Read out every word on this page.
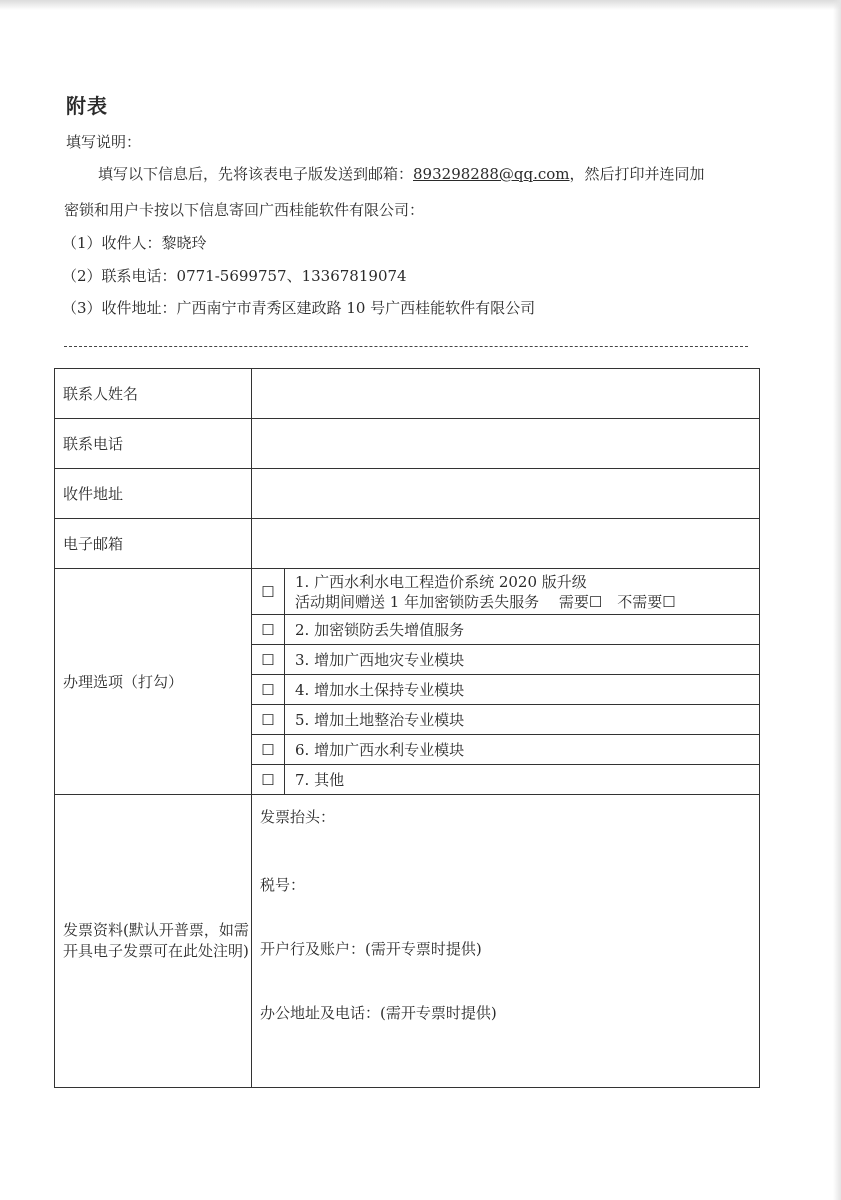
附表
填写说明：
填写以下信息后，先将该表电子版发送到邮箱：893298288@qq.com，然后打印并连同加
密锁和用户卡按以下信息寄回广西桂能软件有限公司：
（1）收件人：黎晓玲
（2）联系电话：0771-5699757、13367819074
（3）收件地址：广西南宁市青秀区建政路 10 号广西桂能软件有限公司
联系人姓名		
联系电话		
收件地址		
电子邮箱		
办理选项（打勾）	☐	1. 广西水利水电工程造价系统 2020 版升级
活动期间赠送 1 年加密锁防丢失服务　 需要☐　不需要☐

	☐	2. 加密锁防丢失增值服务
	☐	3. 增加广西地灾专业模块
	☐	4. 增加水土保持专业模块
	☐	5. 增加土地整治专业模块
	☐	6. 增加广西水利专业模块
	☐	7. 其他
发票资料(默认开普票，如需开具电子发票可在此处注明)	发票抬头：
税号：
开户行及账户：(需开专票时提供)
办公地址及电话：(需开专票时提供)	
